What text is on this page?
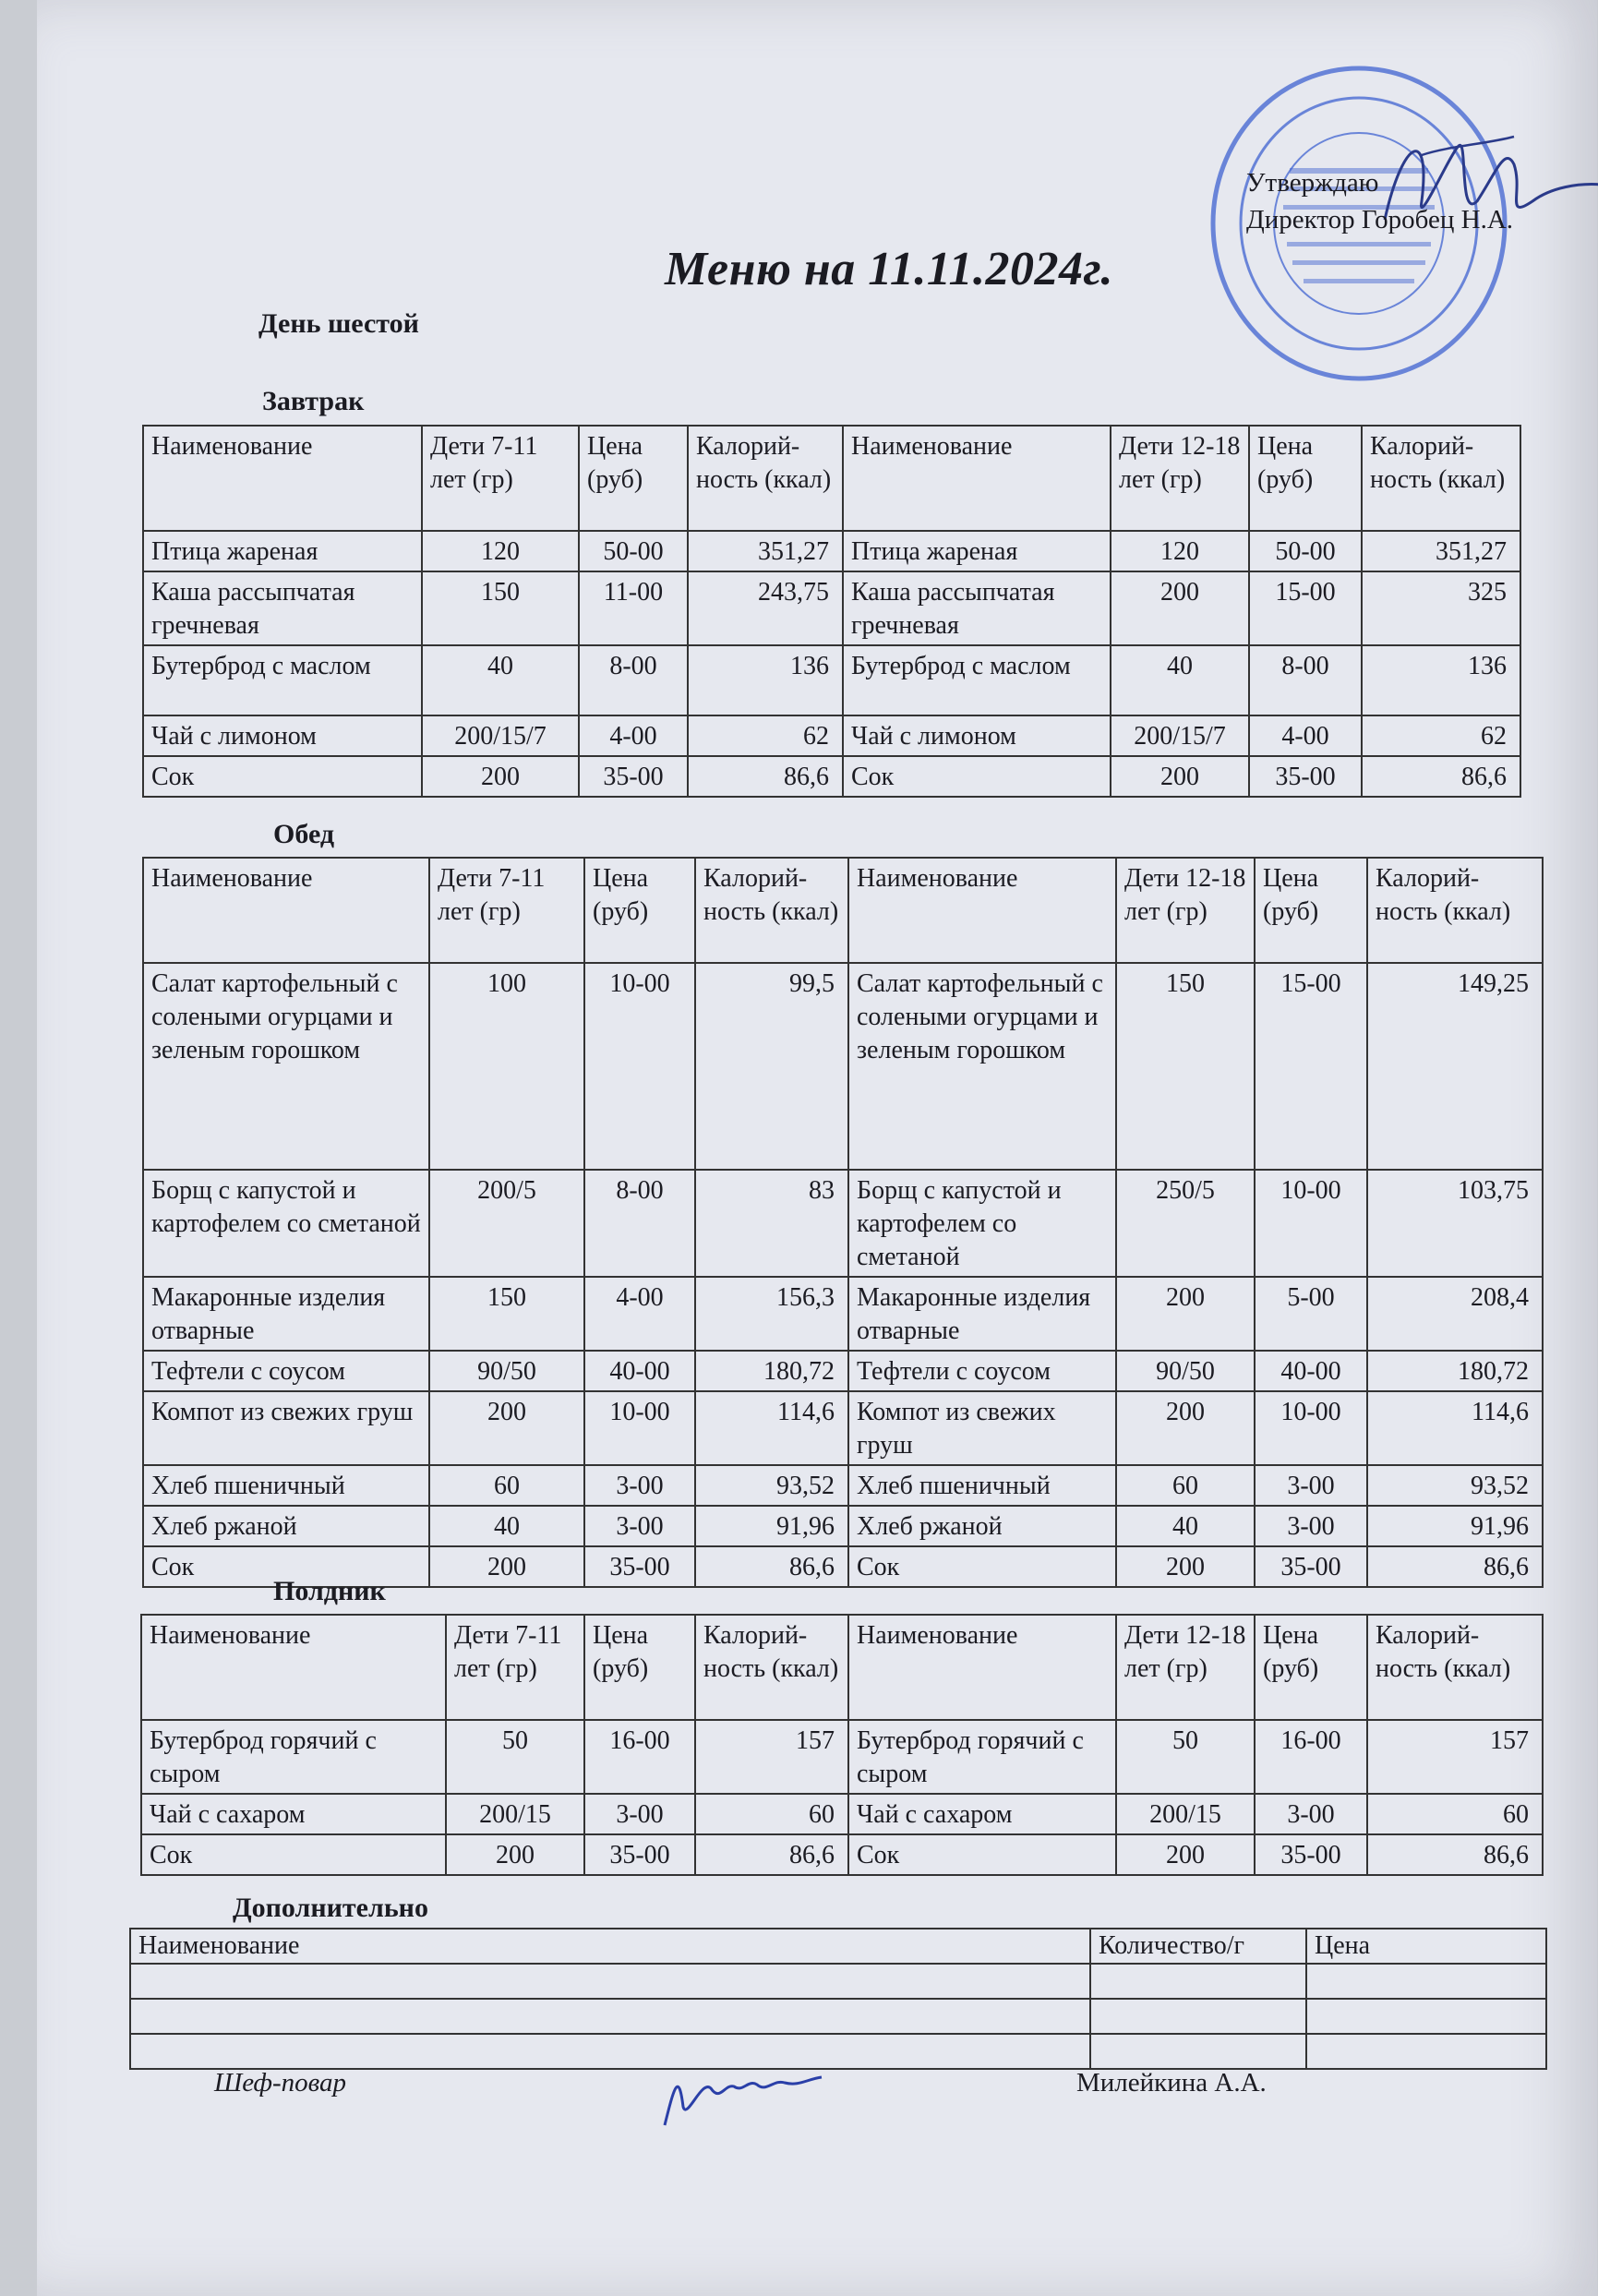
Утверждаю
Директор Горобец Н.А.
Меню на 11.11.2024г.
День шестой
Завтрак
Наименование	Дети 7-11 лет (гр)	Цена (руб)	Калорий-ность (ккал)	Наименование	Дети 12-18 лет (гр)	Цена (руб)	Калорий-ность (ккал)
Птица жареная	120	50-00	351,27	Птица жареная	120	50-00	351,27
Каша рассыпчатая гречневая	150	11-00	243,75	Каша рассыпчатая гречневая	200	15-00	325
Бутерброд с маслом	40	8-00	136	Бутерброд с маслом	40	8-00	136
Чай с лимоном	200/15/7	4-00	62	Чай с лимоном	200/15/7	4-00	62
Сок	200	35-00	86,6	Сок	200	35-00	86,6
Обед
Наименование	Дети 7-11 лет (гр)	Цена (руб)	Калорий-ность (ккал)	Наименование	Дети 12-18 лет (гр)	Цена (руб)	Калорий-ность (ккал)
Салат картофельный с солеными огурцами и зеленым горошком	100	10-00	99,5	Салат картофельный с солеными огурцами и зеленым горошком	150	15-00	149,25
Борщ с капустой и картофелем со сметаной	200/5	8-00	83	Борщ с капустой и картофелем со сметаной	250/5	10-00	103,75
Макаронные изделия отварные	150	4-00	156,3	Макаронные изделия отварные	200	5-00	208,4
Тефтели с соусом	90/50	40-00	180,72	Тефтели с соусом	90/50	40-00	180,72
Компот из свежих груш	200	10-00	114,6	Компот из свежих груш	200	10-00	114,6
Хлеб пшеничный	60	3-00	93,52	Хлеб пшеничный	60	3-00	93,52
Хлеб ржаной	40	3-00	91,96	Хлеб ржаной	40	3-00	91,96
Сок	200	35-00	86,6	Сок	200	35-00	86,6
Полдник
Наименование	Дети 7-11 лет (гр)	Цена (руб)	Калорий-ность (ккал)	Наименование	Дети 12-18 лет (гр)	Цена (руб)	Калорий-ность (ккал)
Бутерброд горячий с сыром	50	16-00	157	Бутерброд горячий с сыром	50	16-00	157
Чай с сахаром	200/15	3-00	60	Чай с сахаром	200/15	3-00	60
Сок	200	35-00	86,6	Сок	200	35-00	86,6
Дополнительно
Наименование	Количество/г	Цена

Шеф-повар	Милейкина А.А.
